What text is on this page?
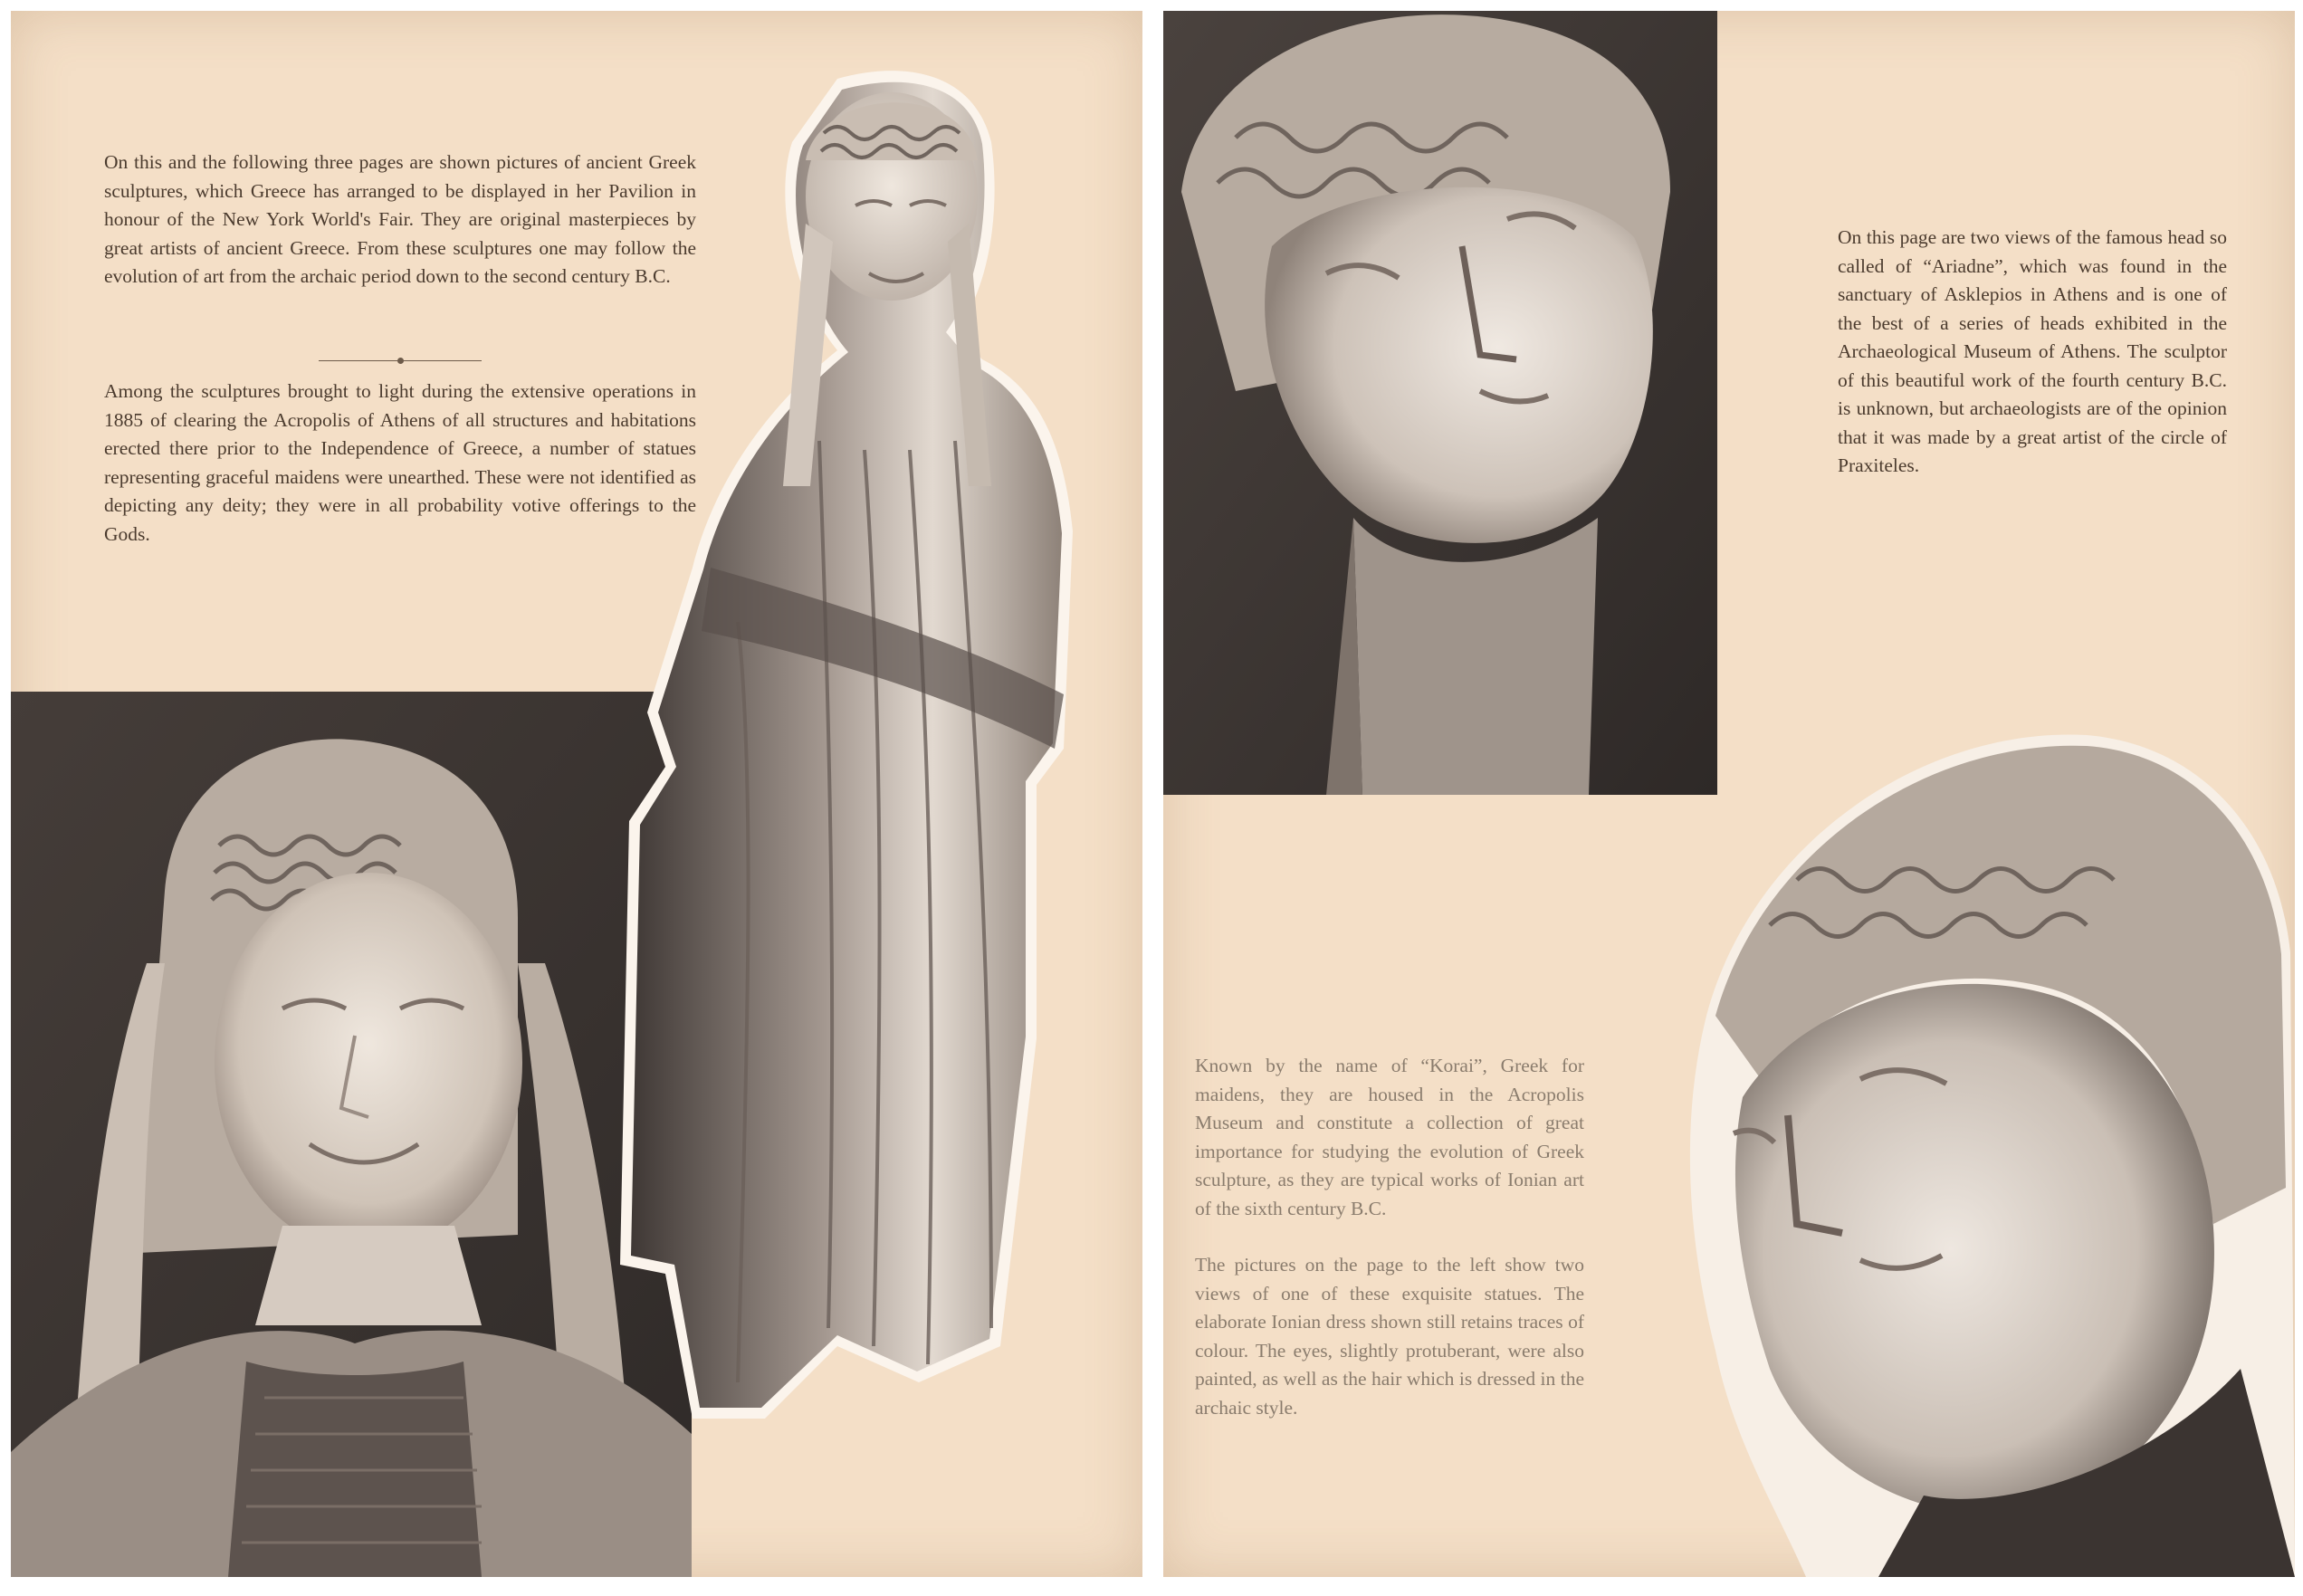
On this and the following three pages are shown pictures of ancient Greek sculptures, which Greece has arranged to be displayed in her Pavilion in honour of the New York World's Fair. They are original masterpieces by great artists of ancient Greece. From these sculptures one may follow the evolution of art from the archaic period down to the second century B.C.

Among the sculptures brought to light during the extensive operations in 1885 of clearing the Acropolis of Athens of all structures and habitations erected there prior to the Independence of Greece, a number of statues representing graceful maidens were unearthed. These were not identified as depicting any deity; they were in all probability votive offerings to the Gods.

On this page are two views of the famous head so called of “Ariadne”, which was found in the sanctuary of Asklepios in Athens and is one of the best of a series of heads exhibited in the Archaeological Museum of Athens. The sculptor of this beautiful work of the fourth century B.C. is unknown, but archaeologists are of the opinion that it was made by a great artist of the circle of Praxiteles.

Known by the name of “Korai”, Greek for maidens, they are housed in the Acropolis Museum and constitute a collection of great importance for studying the evolution of Greek sculpture, as they are typical works of Ionian art of the sixth century B.C.

The pictures on the page to the left show two views of one of these exquisite statues. The elaborate Ionian dress shown still retains traces of colour. The eyes, slightly protuberant, were also painted, as well as the hair which is dressed in the archaic style.
